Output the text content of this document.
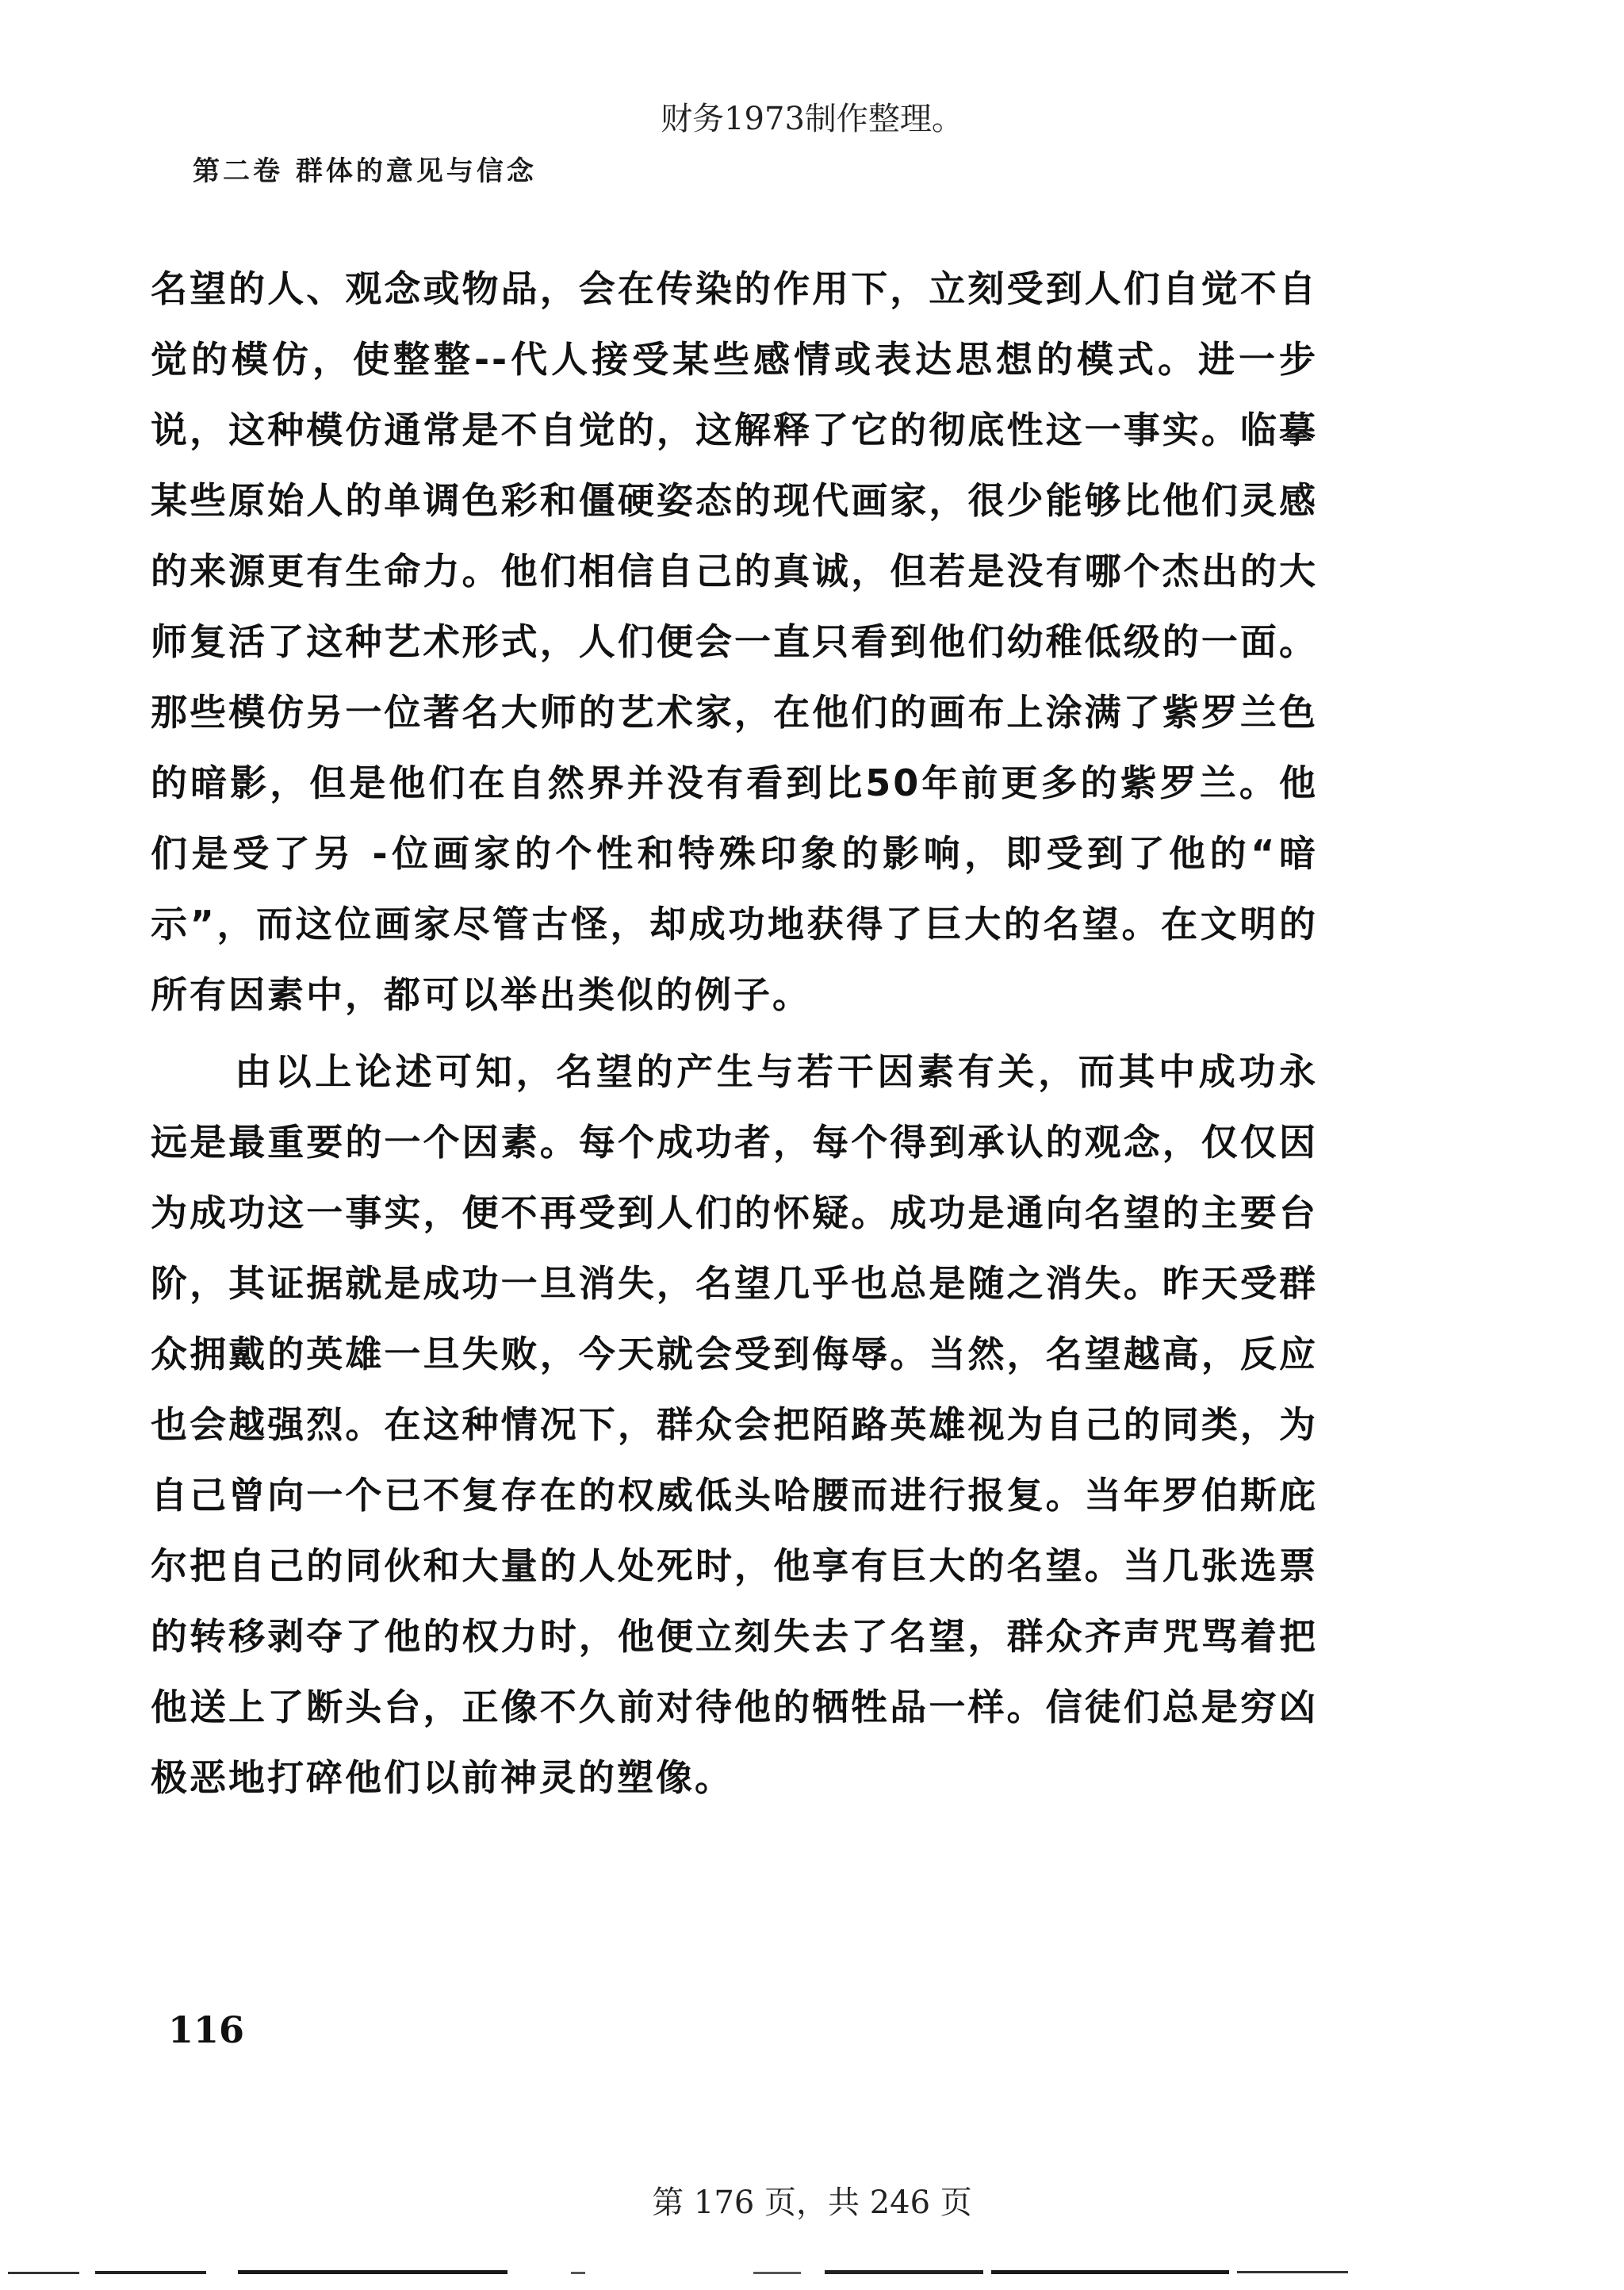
财务1973制作整理。
第二卷 群体的意见与信念

名望的人、观念或物品，会在传染的作用下，立刻受到人们自觉不自觉的模仿，使整整--代人接受某些感情或表达思想的模式。进一步说，这种模仿通常是不自觉的，这解释了它的彻底性这一事实。临摹某些原始人的单调色彩和僵硬姿态的现代画家，很少能够比他们灵感的来源更有生命力。他们相信自己的真诚，但若是没有哪个杰出的大师复活了这种艺术形式，人们便会一直只看到他们幼稚低级的一面。那些模仿另一位著名大师的艺术家，在他们的画布上涂满了紫罗兰色的暗影，但是他们在自然界并没有看到比50年前更多的紫罗兰。他们是受了另 -位画家的个性和特殊印象的影响，即受到了他的“暗示”，而这位画家尽管古怪，却成功地获得了巨大的名望。在文明的所有因素中，都可以举出类似的例子。

由以上论述可知，名望的产生与若干因素有关，而其中成功永远是最重要的一个因素。每个成功者，每个得到承认的观念，仅仅因为成功这一事实，便不再受到人们的怀疑。成功是通向名望的主要台阶，其证据就是成功一旦消失，名望几乎也总是随之消失。昨天受群众拥戴的英雄一旦失败，今天就会受到侮辱。当然，名望越高，反应也会越强烈。在这种情况下，群众会把陌路英雄视为自己的同类，为自己曾向一个已不复存在的权威低头哈腰而进行报复。当年罗伯斯庇尔把自己的同伙和大量的人处死时，他享有巨大的名望。当几张选票的转移剥夺了他的权力时，他便立刻失去了名望，群众齐声咒骂着把他送上了断头台，正像不久前对待他的牺牲品一样。信徒们总是穷凶极恶地打碎他们以前神灵的塑像。

116
第 176 页，共 246 页
